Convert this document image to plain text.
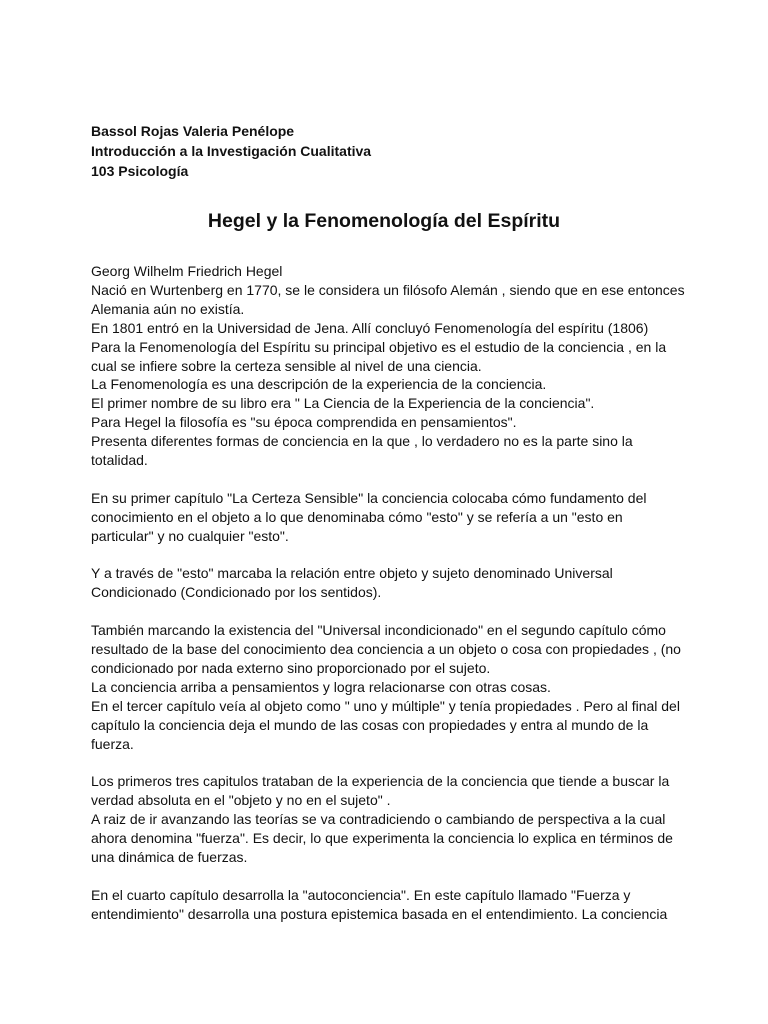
Bassol Rojas Valeria Penélope
Introducción a la Investigación Cualitativa
103 Psicología
Hegel y la Fenomenología del Espíritu

Georg Wilhelm Friedrich Hegel

Nació en Wurtenberg en 1770, se le considera un filósofo Alemán , siendo que en ese entonces

Alemania aún no existía.

En 1801 entró en la Universidad de Jena. Allí concluyó Fenomenología del espíritu (1806)

Para la Fenomenología del Espíritu su principal objetivo es el estudio de la conciencia , en la

cual se infiere sobre la certeza sensible al nivel de una ciencia.

La Fenomenología es una descripción de la experiencia de la conciencia.

El primer nombre de su libro era " La Ciencia de la Experiencia de la conciencia".

Para Hegel la filosofía es "su época comprendida en pensamientos".

Presenta diferentes formas de conciencia en la que , lo verdadero no es la parte sino la

totalidad.

En su primer capítulo "La Certeza Sensible" la conciencia colocaba cómo fundamento del

conocimiento en el objeto a lo que denominaba cómo "esto" y se refería a un "esto en

particular" y no cualquier "esto".

Y a través de "esto" marcaba la relación entre objeto y sujeto denominado Universal

Condicionado (Condicionado por los sentidos).

También marcando la existencia del "Universal incondicionado" en el segundo capítulo cómo

resultado de la base del conocimiento dea conciencia a un objeto o cosa con propiedades , (no

condicionado por nada externo sino proporcionado por el sujeto.

La conciencia arriba a pensamientos y logra relacionarse con otras cosas.

En el tercer capítulo veía al objeto como " uno y múltiple" y tenía propiedades . Pero al final del

capítulo la conciencia deja el mundo de las cosas con propiedades y entra al mundo de la

fuerza.

Los primeros tres capitulos trataban de la experiencia de la conciencia que tiende a buscar la

verdad absoluta en el "objeto y no en el sujeto" .

A raiz de ir avanzando las teorías se va contradiciendo o cambiando de perspectiva a la cual

ahora denomina "fuerza". Es decir, lo que experimenta la conciencia lo explica en términos de

una dinámica de fuerzas.

En el cuarto capítulo desarrolla la "autoconciencia". En este capítulo llamado "Fuerza y

entendimiento" desarrolla una postura epistemica basada en el entendimiento. La conciencia
